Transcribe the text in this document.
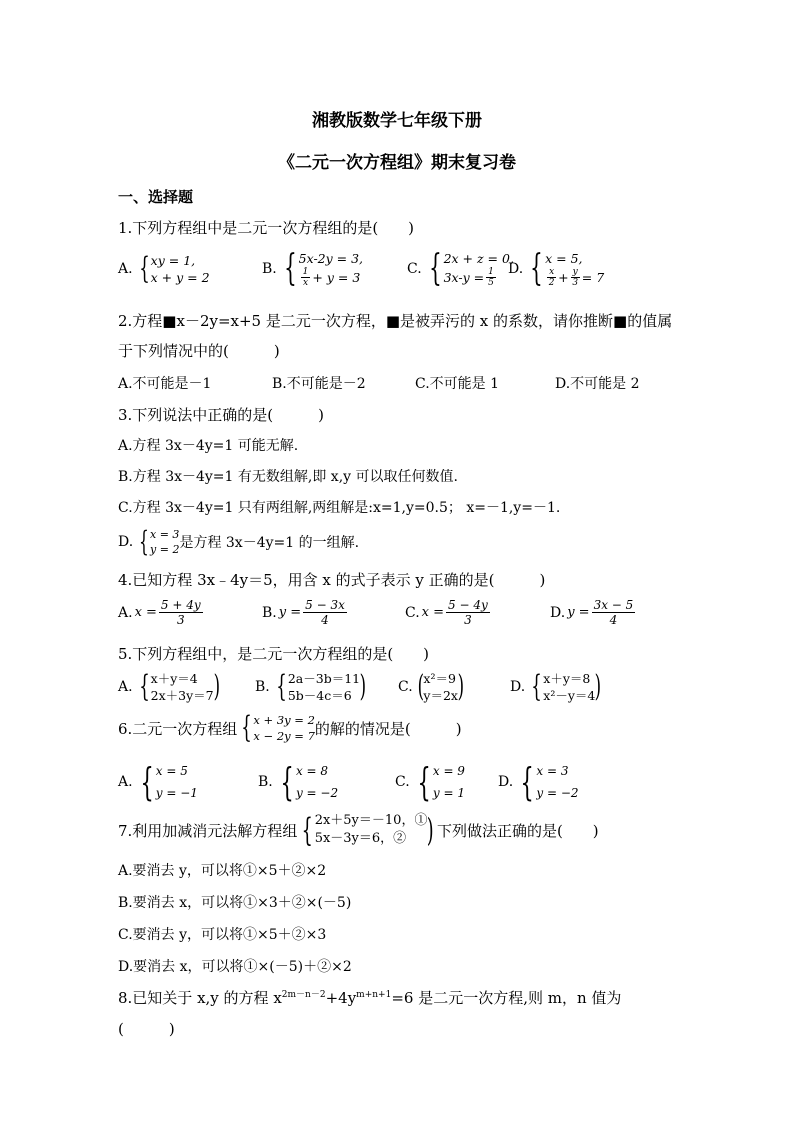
湘教版数学七年级下册
《二元一次方程组》期末复习卷
一、选择题
1.下列方程组中是二元一次方程组的是(　　)
A. { xy = 1,
x + y = 2
B. { 5x-2y = 3,
$\frac{1}{x} + y = 3$
C. { 2x + z = 0,
$3x-y = \frac{1}{5} D$. { x = 5,
$\frac{x}{2} + \frac{y}{3} = 7$
2.方程■x－2y=x+5 是二元一次方程，■是被弄污的 x 的系数，请你推断■的值属
于下列情况中的(　　　)
A.不可能是－1	B.不可能是－2	C.不可能是 1	D.不可能是 2
3.下列说法中正确的是(　　　)
A.方程 3x－4y=1 可能无解.
B.方程 3x－4y=1 有无数组解,即 x,y 可以取任何数值.
C.方程 3x－4y=1 只有两组解,两组解是:x=1,y=0.5； x=－1,y=－1.
D. { x = 3
y = 2 是方程 3x－4y=1 的一组解.
4.已知方程 3x﹣4y＝5，用含 x 的式子表示 y 正确的是(　　　)
A. $x = \frac{5 + 4y}{3}$	B. $y = \frac{5 - 3x}{4}$	C. $x = \frac{5 - 4y}{3}$	D. $y = \frac{3x - 5}{4}$
5.下列方程组中，是二元一次方程组的是(　　)
A. { x＋y＝4
2x＋3y＝7 )	B. { 2a－3b＝11
5b－4c＝6 ) C. ( x²＝9
y＝2x )	D. { x＋y＝8
x²－y＝4 )
6.二元一次方程组 { x + 3y = 2
x − 2y = 7 的解的情况是(　　　)
A. { x = 5
y = −1
B. { x = 8
y = −2
C. { x = 9
y = 1
D. { x = 3
y = −2
7.利用加减消元法解方程组 { 2x＋5y＝－10，①
5x－3y＝6，② ) 下列做法正确的是(　　)
A.要消去 y，可以将①×5＋②×2
B.要消去 x，可以将①×3＋②×(－5)
C.要消去 y，可以将①×5＋②×3
D.要消去 x，可以将①×(－5)＋②×2
8.已知关于 x,y 的方程 $x^{2m-n-2}+4y^{m+n+1}=6$ 是二元一次方程,则 m，n 值为
(　　　)
